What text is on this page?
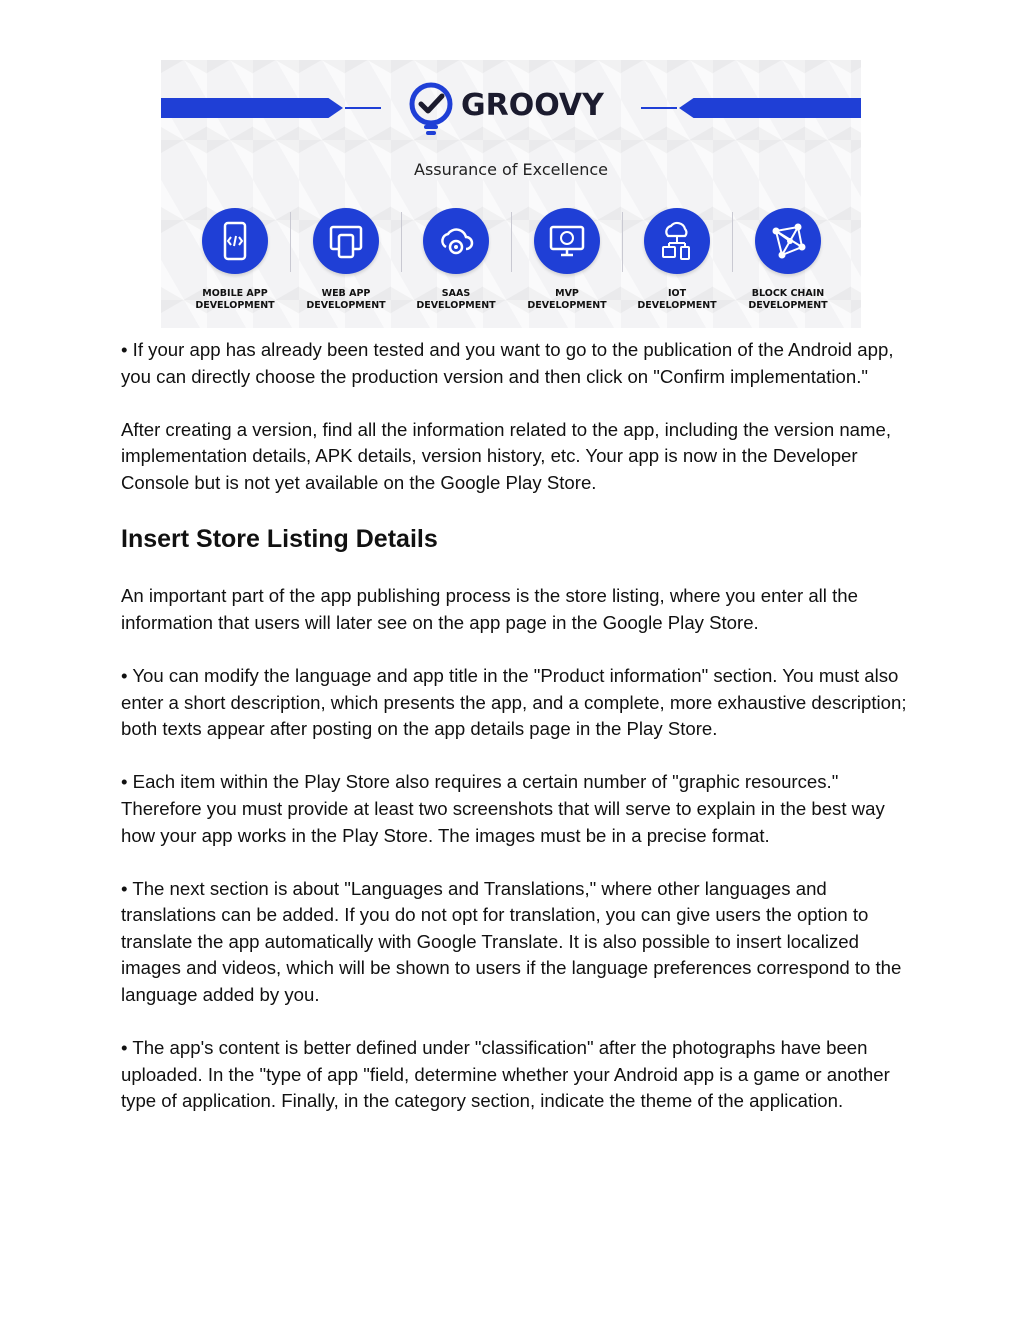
GROOVY
Assurance of Excellence
MOBILE APP
DEVELOPMENT
WEB APP
DEVELOPMENT
SAAS
DEVELOPMENT
MVP
DEVELOPMENT
IOT
DEVELOPMENT
BLOCK CHAIN
DEVELOPMENT

• If your app has already been tested and you want to go to the publication of the Android app, you can directly choose the production version and then click on "Confirm implementation."

After creating a version, find all the information related to the app, including the version name, implementation details, APK details, version history, etc. Your app is now in the Developer Console but is not yet available on the Google Play Store.

Insert Store Listing Details

An important part of the app publishing process is the store listing, where you enter all the information that users will later see on the app page in the Google Play Store.

• You can modify the language and app title in the "Product information" section. You must also enter a short description, which presents the app, and a complete, more exhaustive description; both texts appear after posting on the app details page in the Play Store.

• Each item within the Play Store also requires a certain number of "graphic resources." Therefore you must provide at least two screenshots that will serve to explain in the best way how your app works in the Play Store. The images must be in a precise format.

• The next section is about "Languages and Translations," where other languages and translations can be added. If you do not opt for translation, you can give users the option to translate the app automatically with Google Translate. It is also possible to insert localized images and videos, which will be shown to users if the language preferences correspond to the language added by you.

• The app's content is better defined under "classification" after the photographs have been uploaded. In the "type of app "field, determine whether your Android app is a game or another type of application. Finally, in the category section, indicate the theme of the application.
